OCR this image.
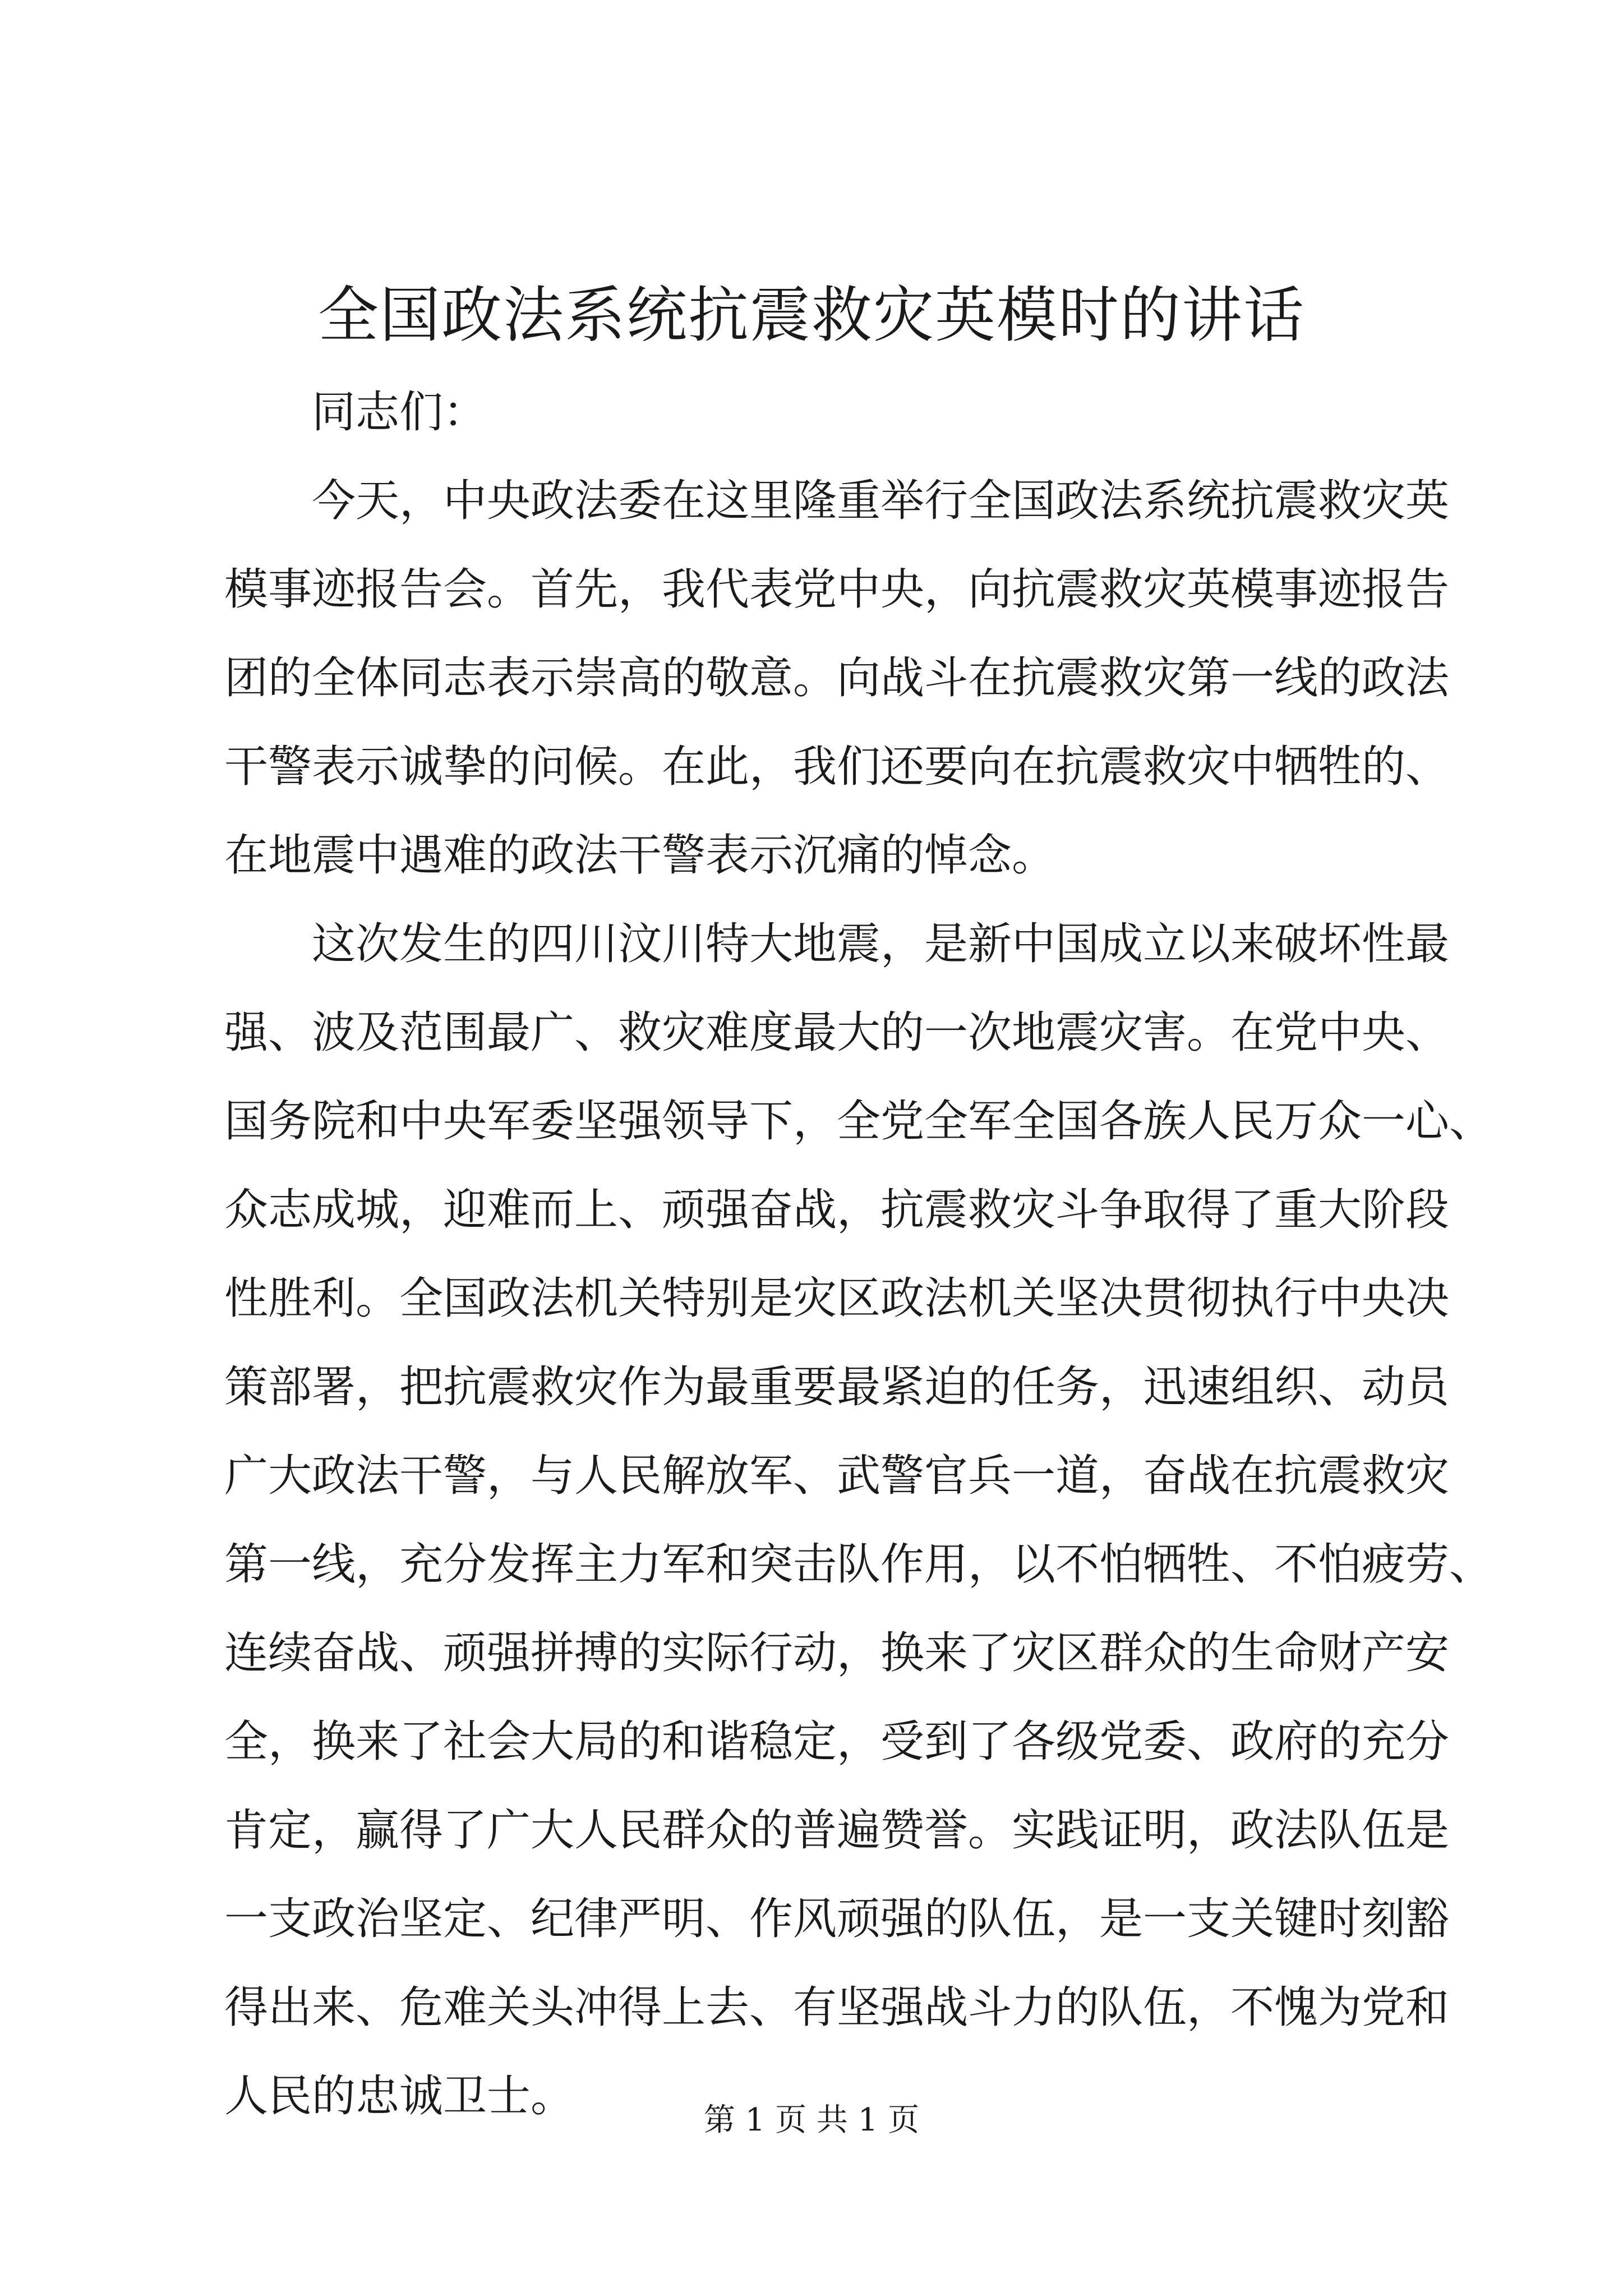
全国政法系统抗震救灾英模时的讲话
同志们：
今天，中央政法委在这里隆重举行全国政法系统抗震救灾英
模事迹报告会。首先，我代表党中央，向抗震救灾英模事迹报告
团的全体同志表示崇高的敬意。向战斗在抗震救灾第一线的政法
干警表示诚挚的问候。在此，我们还要向在抗震救灾中牺牲的、
在地震中遇难的政法干警表示沉痛的悼念。
这次发生的四川汶川特大地震，是新中国成立以来破坏性最
强、波及范围最广、救灾难度最大的一次地震灾害。在党中央、
国务院和中央军委坚强领导下，全党全军全国各族人民万众一心、
众志成城，迎难而上、顽强奋战，抗震救灾斗争取得了重大阶段
性胜利。全国政法机关特别是灾区政法机关坚决贯彻执行中央决
策部署，把抗震救灾作为最重要最紧迫的任务，迅速组织、动员
广大政法干警，与人民解放军、武警官兵一道，奋战在抗震救灾
第一线，充分发挥主力军和突击队作用，以不怕牺牲、不怕疲劳、
连续奋战、顽强拼搏的实际行动，换来了灾区群众的生命财产安
全，换来了社会大局的和谐稳定，受到了各级党委、政府的充分
肯定，赢得了广大人民群众的普遍赞誉。实践证明，政法队伍是
一支政治坚定、纪律严明、作风顽强的队伍，是一支关键时刻豁
得出来、危难关头冲得上去、有坚强战斗力的队伍，不愧为党和
人民的忠诚卫士。	第 1 页 共 1 页
